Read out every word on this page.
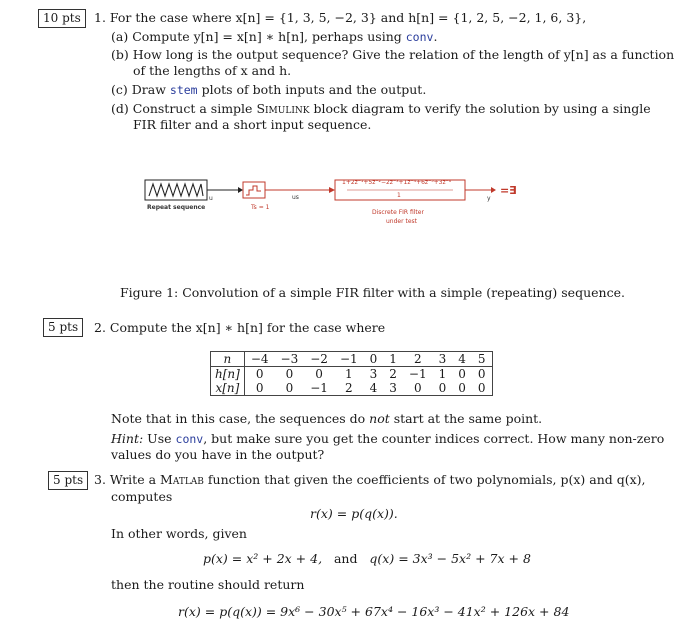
10 pts	1. For the case where x[n] = {1, 3, 5, −2, 3} and h[n] = {1, 2, 5, −2, 1, 6, 3},
(a) Compute y[n] = x[n] ∗ h[n], perhaps using conv.
(b) How long is the output sequence? Give the relation of the length of y[n] as a function
of the lengths of x and h.
(c) Draw stem plots of both inputs and the output.
(d) Construct a simple Simulink block diagram to verify the solution by using a single
FIR filter and a short input sequence.
Repeat sequence
u
Ts = 1
us
1+2z⁻¹+5z⁻²−2z⁻³+1z⁻⁴+6z⁻⁵+3z⁻⁶
1
Discrete FIR filter
under test
y
=∃
Figure 1: Convolution of a simple FIR filter with a simple (repeating) sequence.
5 pts	2. Compute the x[n] ∗ h[n] for the case where
n	−4	−3	−2	−1	0	1	2	3	4	5
h[n]	0	0	0	1	3	2	−1	1	0	0
x[n]	0	0	−1	2	4	3	0	0	0	0
Note that in this case, the sequences do not start at the same point.
Hint: Use conv, but make sure you get the counter indices correct. How many non-zero
values do you have in the output?
5 pts 3. Write a Matlab function that given the coefficients of two polynomials, p(x) and q(x),
computes
r(x) = p(q(x)).
In other words, given
p(x) = x² + 2x + 4, and q(x) = 3x³ − 5x² + 7x + 8
then the routine should return
r(x) = p(q(x)) = 9x⁶ − 30x⁵ + 67x⁴ − 16x³ − 41x² + 126x + 84
